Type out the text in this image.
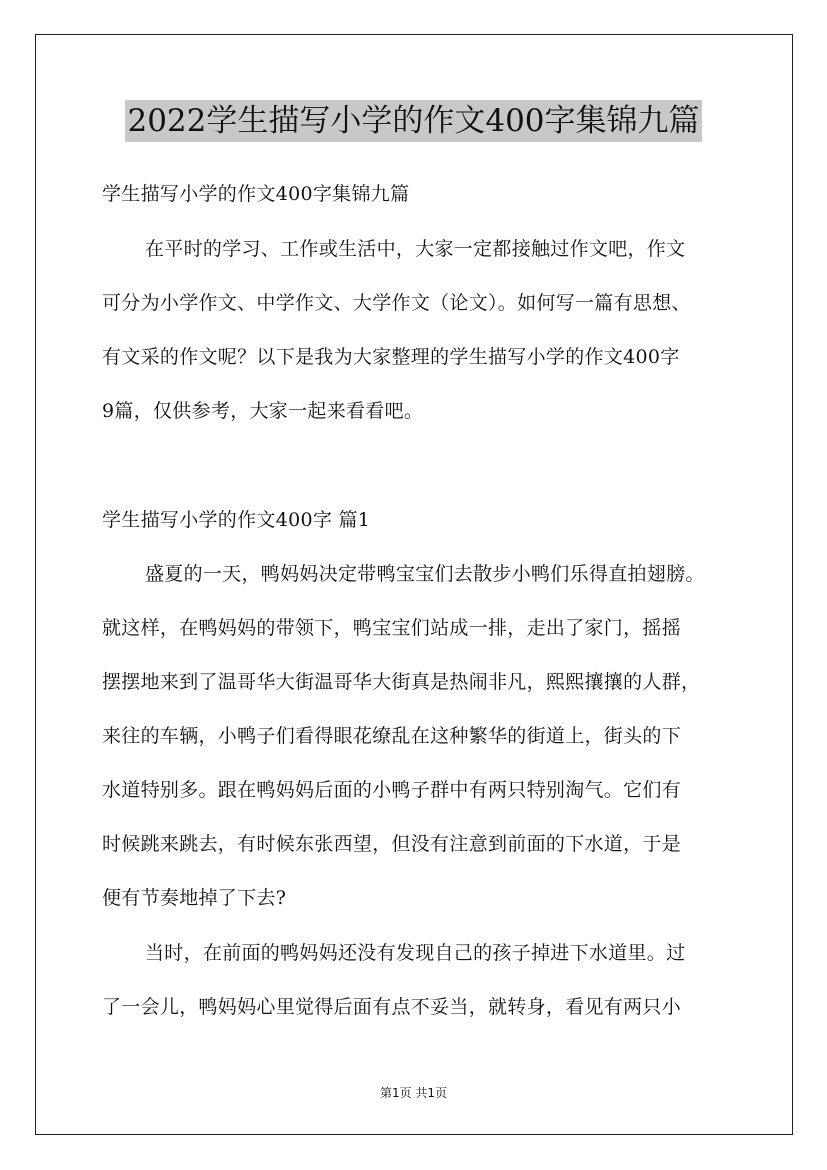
2022学生描写小学的作文400字集锦九篇
学生描写小学的作文400字集锦九篇
在平时的学习、工作或生活中，大家一定都接触过作文吧，作文
可分为小学作文、中学作文、大学作文（论文）。如何写一篇有思想、
有文采的作文呢？以下是我为大家整理的学生描写小学的作文400字
9篇，仅供参考，大家一起来看看吧。
学生描写小学的作文400字 篇1
盛夏的一天，鸭妈妈决定带鸭宝宝们去散步小鸭们乐得直拍翅膀。
就这样，在鸭妈妈的带领下，鸭宝宝们站成一排，走出了家门，摇摇
摆摆地来到了温哥华大街温哥华大街真是热闹非凡，熙熙攘攘的人群，
来往的车辆，小鸭子们看得眼花缭乱在这种繁华的街道上，街头的下
水道特别多。跟在鸭妈妈后面的小鸭子群中有两只特别淘气。它们有
时候跳来跳去，有时候东张西望，但没有注意到前面的下水道，于是
便有节奏地掉了下去?
当时，在前面的鸭妈妈还没有发现自己的孩子掉进下水道里。过
了一会儿，鸭妈妈心里觉得后面有点不妥当，就转身，看见有两只小
第1页 共1页
